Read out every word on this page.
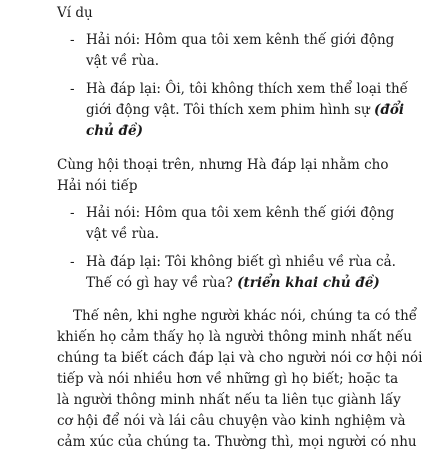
Ví dụ
- Hải nói: Hôm qua tôi xem kênh thế giới động
vật về rùa.
- Hà đáp lại: Ôi, tôi không thích xem thể loại thế
giới động vật. Tôi thích xem phim hình sự (đổi
chủ đề)
Cùng hội thoại trên, nhưng Hà đáp lại nhằm cho
Hải nói tiếp
- Hải nói: Hôm qua tôi xem kênh thế giới động
vật về rùa.
- Hà đáp lại: Tôi không biết gì nhiều về rùa cả.
Thế có gì hay về rùa? (triển khai chủ đề)
Thế nên, khi nghe người khác nói, chúng ta có thể
khiến họ cảm thấy họ là người thông minh nhất nếu
chúng ta biết cách đáp lại và cho người nói cơ hội nói
tiếp và nói nhiều hơn về những gì họ biết; hoặc ta
là người thông minh nhất nếu ta liên tục giành lấy
cơ hội để nói và lái câu chuyện vào kinh nghiệm và
cảm xúc của chúng ta. Thường thì, mọi người có nhu
